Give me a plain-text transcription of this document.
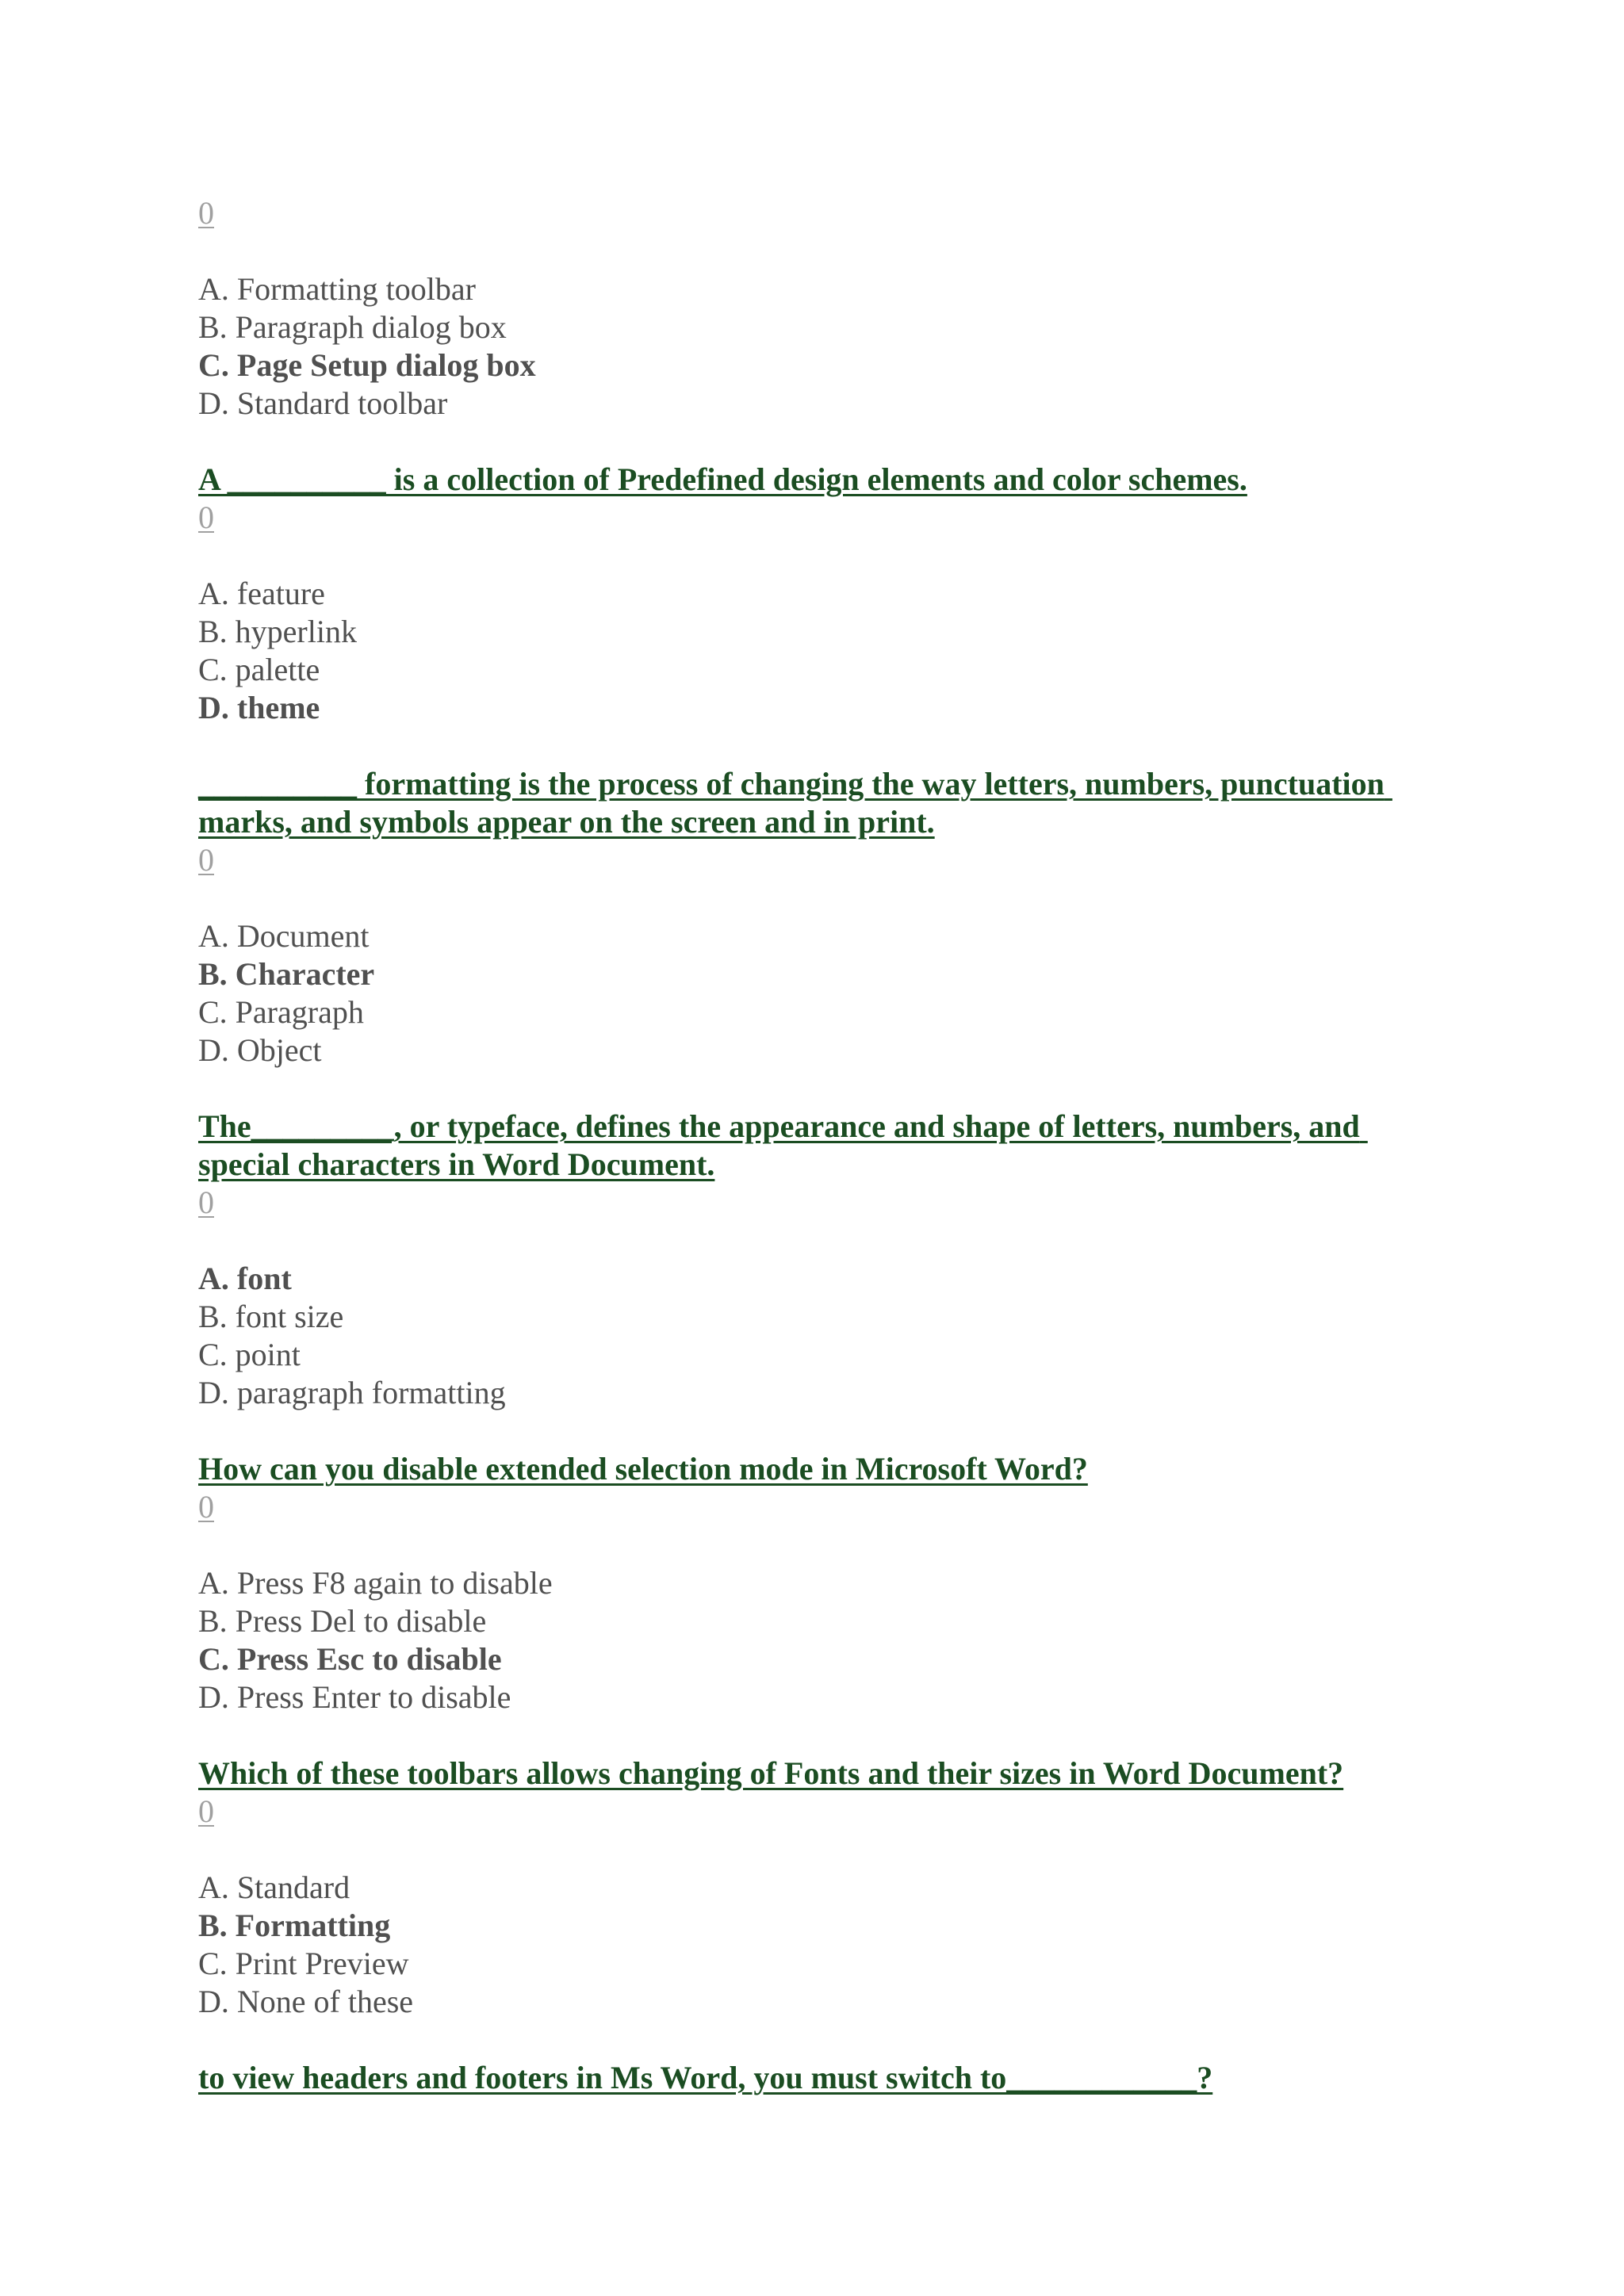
0
A. Formatting toolbar
B. Paragraph dialog box
C. Page Setup dialog box
D. Standard toolbar
A __________ is a collection of Predefined design elements and color schemes.
0
A. feature
B. hyperlink
C. palette
D. theme
__________ formatting is the process of changing the way letters, numbers, punctuation marks, and symbols appear on the screen and in print.
0
A. Document
B. Character
C. Paragraph
D. Object
The_________, or typeface, defines the appearance and shape of letters, numbers, and special characters in Word Document.
0
A. font
B. font size
C. point
D. paragraph formatting
How can you disable extended selection mode in Microsoft Word?
0
A. Press F8 again to disable
B. Press Del to disable
C. Press Esc to disable
D. Press Enter to disable
Which of these toolbars allows changing of Fonts and their sizes in Word Document?
0
A. Standard
B. Formatting
C. Print Preview
D. None of these
to view headers and footers in Ms Word, you must switch to____________?
